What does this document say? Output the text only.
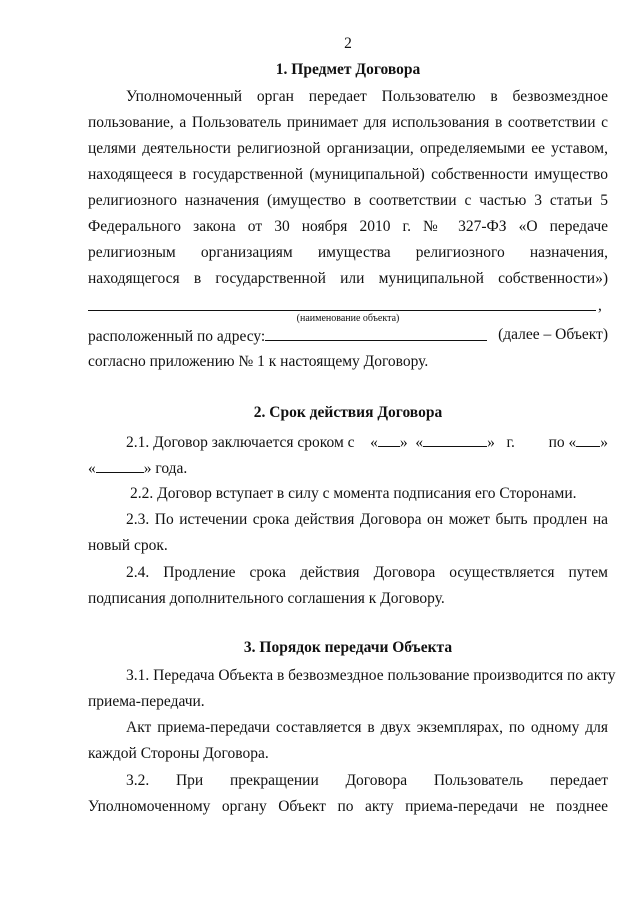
2
1. Предмет Договора
Уполномоченный орган передает Пользователю в безвозмездное
пользование, а Пользователь принимает для использования в соответствии с
целями деятельности религиозной организации, определяемыми ее уставом,
находящееся в государственной (муниципальной) собственности имущество
религиозного назначения (имущество в соответствии с частью 3 статьи 5
Федерального закона от 30 ноября 2010 г. № 327-ФЗ «О передаче
религиозным организациям имущества религиозного назначения,
находящегося в государственной или муниципальной собственности»)
,
(наименование объекта)
расположенный по адресу:	(далее – Объект)
согласно приложению № 1 к настоящему Договору.
2. Срок действия Договора
2.1. Договор заключается сроком с « » «	» г. по « »
«	» года.
2.2. Договор вступает в силу с момента подписания его Сторонами.
2.3. По истечении срока действия Договора он может быть продлен на
новый срок.
2.4. Продление срока действия Договора осуществляется путем
подписания дополнительного соглашения к Договору.
3. Порядок передачи Объекта
3.1. Передача Объекта в безвозмездное пользование производится по акту
приема-передачи.
Акт приема-передачи составляется в двух экземплярах, по одному для
каждой Стороны Договора.
3.2. При прекращении Договора Пользователь передает
Уполномоченному органу Объект по акту приема-передачи не позднее
